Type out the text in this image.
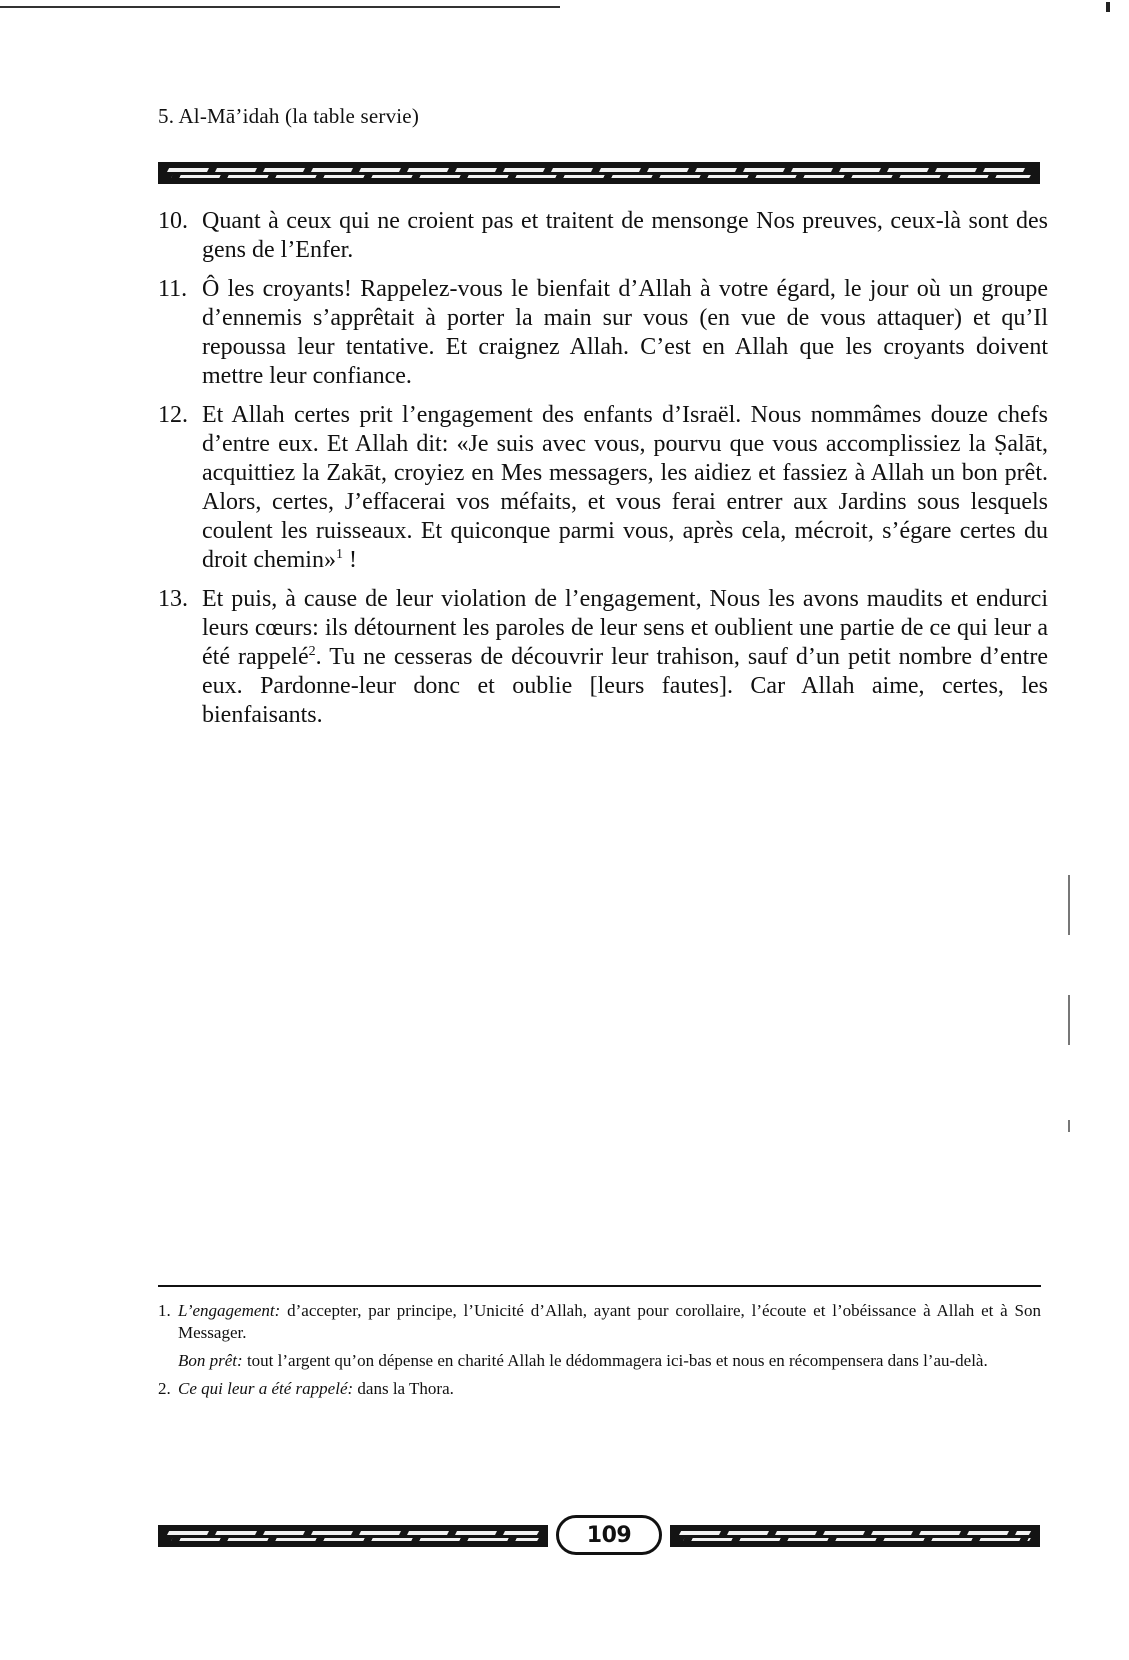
5. Al-Mā’idah (la table servie)
10. Quant à ceux qui ne croient pas et traitent de mensonge Nos preuves, ceux-là sont des gens de l’Enfer.
11. Ô les croyants! Rappelez-vous le bienfait d’Allah à votre égard, le jour où un groupe d’ennemis s’apprêtait à porter la main sur vous (en vue de vous attaquer) et qu’Il repoussa leur tentative. Et craignez Allah. C’est en Allah que les croyants doivent mettre leur confiance.
12. Et Allah certes prit l’engagement des enfants d’Israël. Nous nommâmes douze chefs d’entre eux. Et Allah dit: «Je suis avec vous, pourvu que vous accomplissiez la Ṣalāt, acquittiez la Zakāt, croyiez en Mes messagers, les aidiez et fassiez à Allah un bon prêt. Alors, certes, J’effacerai vos méfaits, et vous ferai entrer aux Jardins sous lesquels coulent les ruisseaux. Et quiconque parmi vous, après cela, mécroit, s’égare certes du droit chemin»$^1$ !
13. Et puis, à cause de leur violation de l’engagement, Nous les avons maudits et endurci leurs cœurs: ils détournent les paroles de leur sens et oublient une partie de ce qui leur a été rappelé$^2$. Tu ne cesseras de découvrir leur trahison, sauf d’un petit nombre d’entre eux. Pardonne-leur donc et oublie [leurs fautes]. Car Allah aime, certes, les bienfaisants.
1. L’engagement: d’accepter, par principe, l’Unicité d’Allah, ayant pour corollaire, l’écoute et l’obéissance à Allah et à Son Messager.
Bon prêt: tout l’argent qu’on dépense en charité Allah le dédommagera ici-bas et nous en récompensera dans l’au-delà.
2. Ce qui leur a été rappelé: dans la Thora.
109
